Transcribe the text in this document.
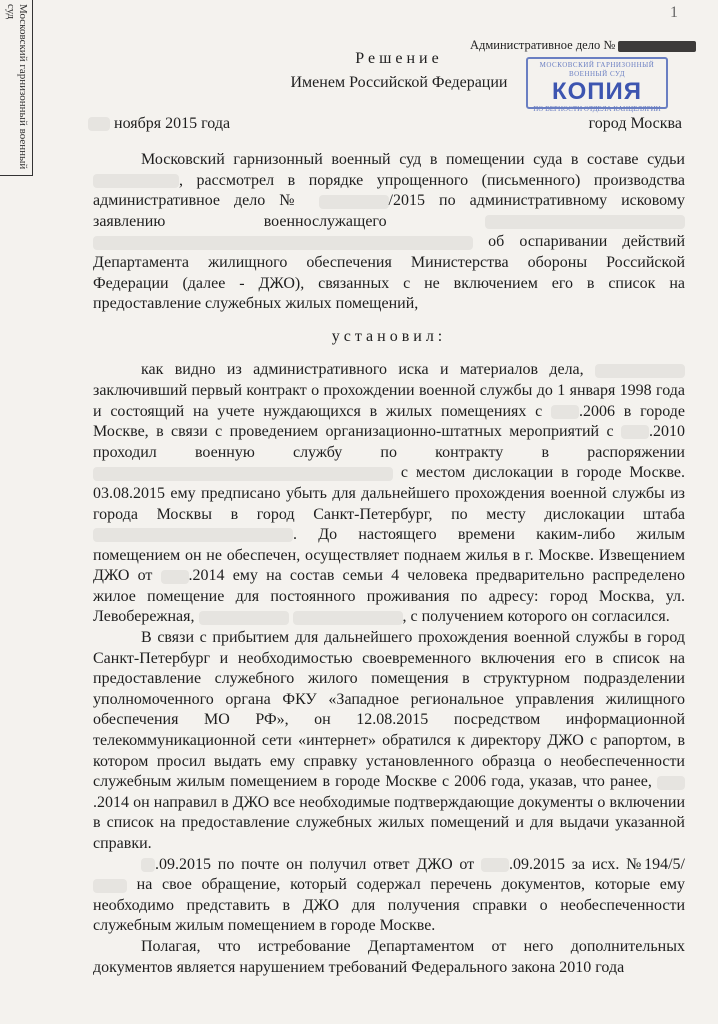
Московский гарнизонный военный суд	1
Административное дело №
МОСКОВСКИЙ ГАРНИЗОННЫЙ ВОЕННЫЙ СУД
КОПИЯ
ПО ВЕРНОСТИ ОТДЕЛА КАНЦЕЛЯРИИ
Решение
Именем Российской Федерации
ноября 2015 года	город Москва

Московский гарнизонный военный суд в помещении суда в составе судьи , рассмотрел в порядке упрощенного (письменного) производства административное дело №	/2015 по административному исковому заявлению военнослужащего   об оспаривании действий Департамента жилищного обеспечения Министерства обороны Российской Федерации (далее - ДЖО), связанных с не включением его в список на предоставление служебных жилых помещений,

установил:

как видно из административного иска и материалов дела,  заключивший первый контракт о прохождении военной службы до 1 января 1998 года и состоящий на учете нуждающихся в жилых помещениях с .2006 в городе Москве, в связи с проведением организационно-штатных мероприятий с .2010 проходил военную службу по контракту в распоряжении  с местом дислокации в городе Москве. 03.08.2015 ему предписано убыть для дальнейшего прохождения военной службы из города Москвы в город Санкт-Петербург, по месту дислокации штаба . До настоящего времени каким-либо жилым помещением он не обеспечен, осуществляет поднаем жилья в г. Москве. Извещением ДЖО от .2014 ему на состав семьи 4 человека предварительно распределено жилое помещение для постоянного проживания по адресу: город Москва, ул. Левобережная,	, с получением которого он согласился.

В связи с прибытием для дальнейшего прохождения военной службы в город Санкт-Петербург и необходимостью своевременного включения его в список на предоставление служебного жилого помещения в структурном подразделении уполномоченного органа ФКУ «Западное региональное управления жилищного обеспечения МО РФ», он 12.08.2015 посредством информационной телекоммуникационной сети «интернет» обратился к директору ДЖО с рапортом, в котором просил выдать ему справку установленного образца о необеспеченности служебным жилым помещением в городе Москве с 2006 года, указав, что ранее, .2014 он направил в ДЖО все необходимые подтверждающие документы о включении в список на предоставление служебных жилых помещений и для выдачи указанной справки.

.09.2015 по почте он получил ответ ДЖО от .09.2015 за исх. №194/5/  на свое обращение, который содержал перечень документов, которые ему необходимо представить в ДЖО для получения справки о необеспеченности служебным жилым помещением в городе Москве.

Полагая, что истребование Департаментом от него дополнительных документов является нарушением требований Федерального закона 2010 года
